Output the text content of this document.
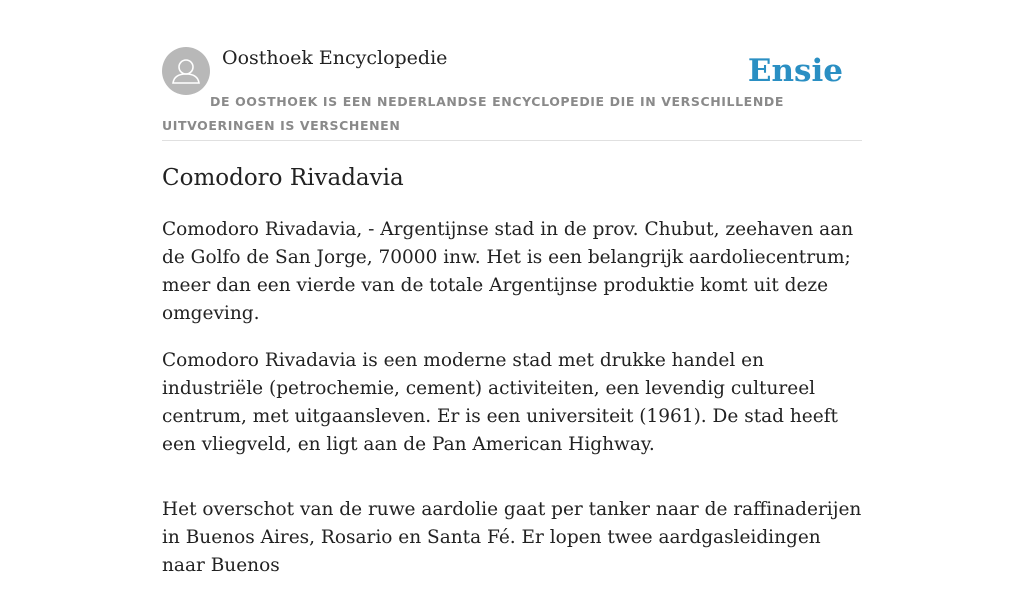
Oosthoek Encyclopedie	Ensie
DE OOSTHOEK IS EEN NEDERLANDSE ENCYCLOPEDIE DIE IN VERSCHILLENDE UITVOERINGEN IS VERSCHENEN
Comodoro Rivadavia

Comodoro Rivadavia, - Argentijnse stad in de prov. Chubut, zeehaven aan de Golfo de San Jorge, 70000 inw. Het is een belangrijk aardoliecentrum; meer dan een vierde van de totale Argentijnse produktie komt uit deze omgeving.

Comodoro Rivadavia is een moderne stad met drukke handel en industriële (petrochemie, cement) activiteiten, een levendig cultureel centrum, met uitgaansleven. Er is een universiteit (1961). De stad heeft een vliegveld, en ligt aan de Pan American Highway.

Het overschot van de ruwe aardolie gaat per tanker naar de raffinaderijen in Buenos Aires, Rosario en Santa Fé. Er lopen twee aardgasleidingen naar Buenos
